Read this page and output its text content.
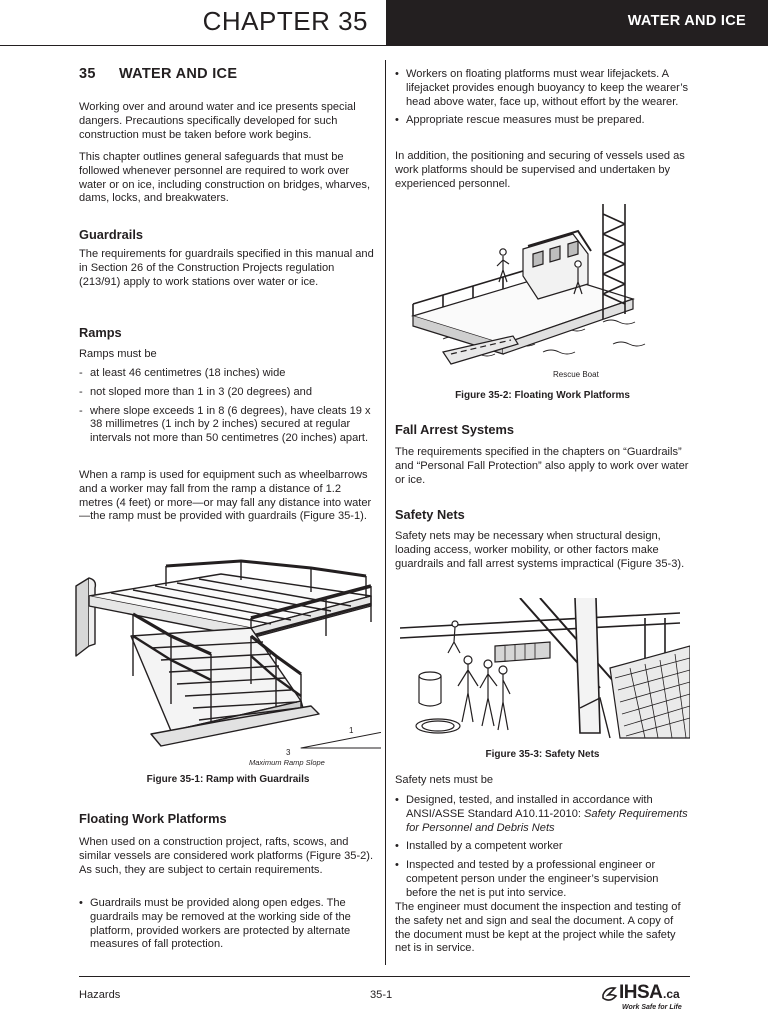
CHAPTER 35	WATER AND ICE
35 WATER AND ICE

Working over and around water and ice presents special dangers. Precautions specifically developed for such construction must be taken before work begins.

This chapter outlines general safeguards that must be followed whenever personnel are required to work over water or on ice, including construction on bridges, wharves, dams, locks, and breakwaters.

Guardrails

The requirements for guardrails specified in this manual and in Section 26 of the Construction Projects regulation (213/91) apply to work stations over water or ice.

Ramps

Ramps must be

- at least 46 centimetres (18 inches) wide
- not sloped more than 1 in 3 (20 degrees) and
- where slope exceeds 1 in 8 (6 degrees), have cleats 19 x 38 millimetres (1 inch by 2 inches) secured at regular intervals not more than 50 centimetres (20 inches) apart.

When a ramp is used for equipment such as wheelbarrows and a worker may fall from the ramp a distance of 1.2 metres (4 feet) or more—or may fall any distance into water—the ramp must be provided with guardrails (Figure 35-1).

1
3
Maximum Ramp Slope

Figure 35-1: Ramp with Guardrails

Floating Work Platforms

When used on a construction project, rafts, scows, and similar vessels are considered work platforms (Figure 35-2). As such, they are subject to certain requirements.

• Guardrails must be provided along open edges. The guardrails may be removed at the working side of the platform, provided workers are protected by alternate measures of fall protection.
• Workers on floating platforms must wear lifejackets. A lifejacket provides enough buoyancy to keep the wearer’s head above water, face up, without effort by the wearer.
• Appropriate rescue measures must be prepared.

In addition, the positioning and securing of vessels used as work platforms should be supervised and undertaken by experienced personnel.

Rescue Boat

Figure 35-2: Floating Work Platforms

Fall Arrest Systems

The requirements specified in the chapters on “Guardrails” and “Personal Fall Protection” also apply to work over water or ice.

Safety Nets

Safety nets may be necessary when structural design, loading access, worker mobility, or other factors make guardrails and fall arrest systems impractical (Figure 35-3).

Figure 35-3: Safety Nets

Safety nets must be

• Designed, tested, and installed in accordance with ANSI/ASSE Standard A10.11-2010: Safety Requirements for Personnel and Debris Nets
• Installed by a competent worker
• Inspected and tested by a professional engineer or competent person under the engineer’s supervision before the net is put into service.

The engineer must document the inspection and testing of the safety net and sign and seal the document. A copy of the document must be kept at the project while the safety net is in service.

Hazards	35-1	IHSA .ca
Work Safe for Life
